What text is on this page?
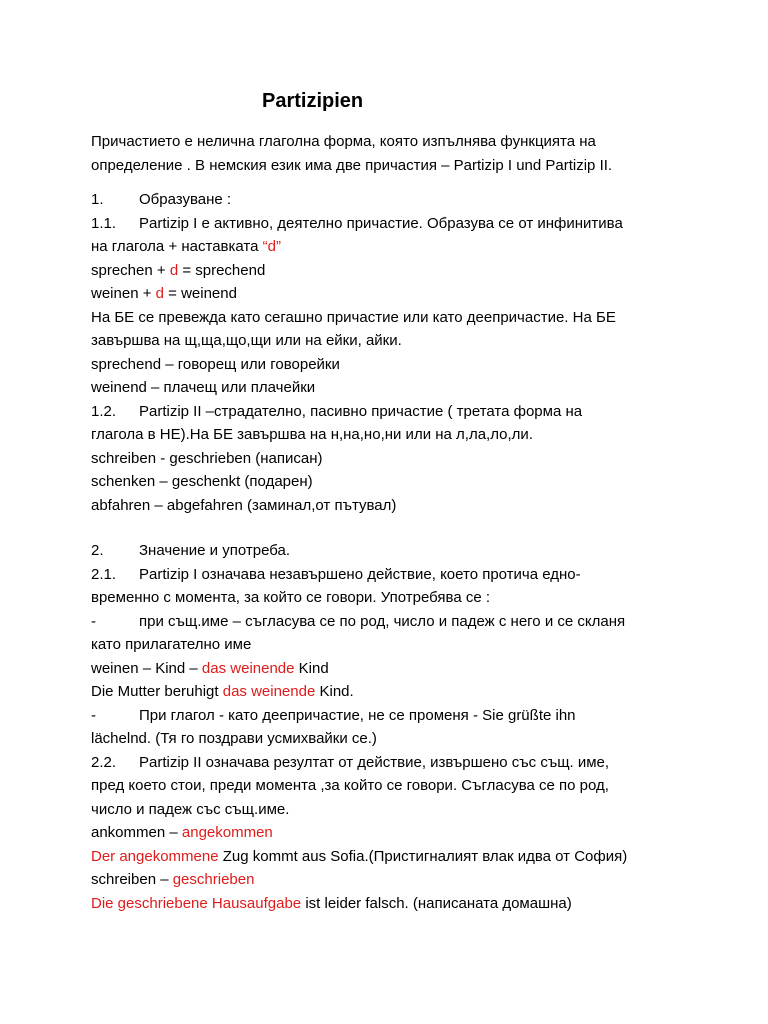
Partizipien
Причастието е нелична глаголна форма, която изпълнява функцията на
определение . В немския език има две причастия – Partizip I und Partizip II.
1. Образуване :
1.1. Partizip I е активно, деятелно причастие. Образува се от инфинитива
на глагола + наставката “d”
sprechen + d = sprechend
weinen + d = weinend
На БЕ се превежда като сегашно причастие или като деепричастие. На БЕ
завършва на щ,ща,що,щи или на ейки, айки.
sprechend – говорещ или говорейки
weinend – плачещ или плачейки
1.2. Partizip II –страдателно, пасивно причастие ( третата форма на
глагола в НЕ).На БЕ завършва на н,на,но,ни или на л,ла,ло,ли.
schreiben - geschrieben (написан)
schenken – geschenkt (подарен)
abfahren – abgefahren (заминал,от пътувал)
2. Значение и употреба.
2.1. Partizip I означава незавършено действие, което протича едно-
временно с момента, за който се говори. Употребява се :
-	при същ.име – съгласува се по род, число и падеж с него и се скланя
като прилагателно име
weinen – Kind – das weinende Kind
Die Mutter beruhigt das weinende Kind.
-	При глагол - като деепричастие, не се променя - Sie grüßte ihn
lächelnd. (Тя го поздрави усмихвайки се.)
2.2. Partizip II означава резултат от действие, извършено със същ. име,
пред което стои, преди момента ,за който се говори. Съгласува се по род,
число и падеж със същ.име.
ankommen – angekommen
Der angekommene Zug kommt aus Sofia.(Пристигналият влак идва от София)
schreiben – geschrieben
Die geschriebene Hausaufgabe ist leider falsch. (написаната домашна)
